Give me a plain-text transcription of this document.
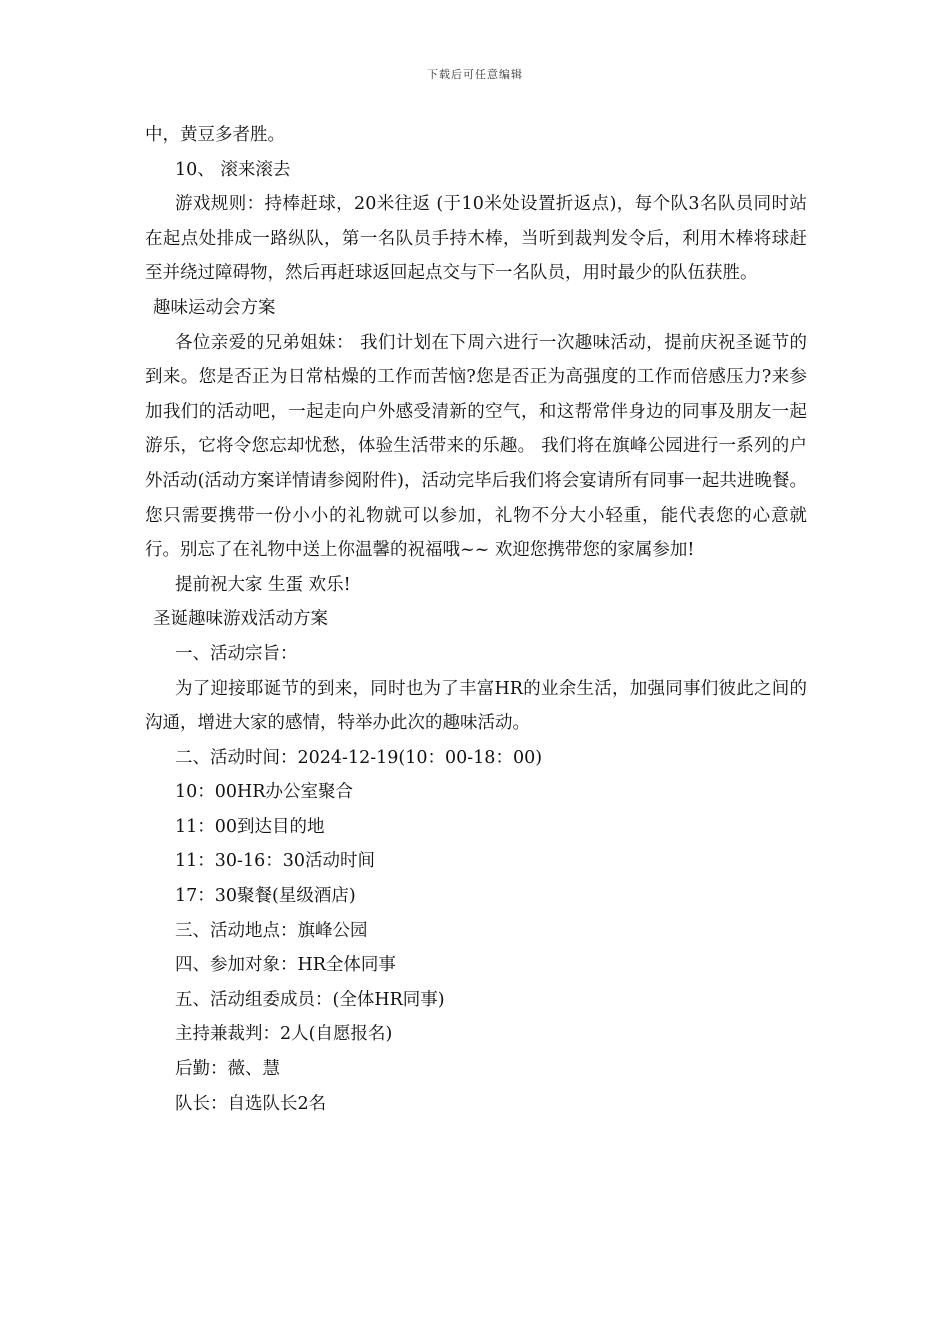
下载后可任意编辑

中，黄豆多者胜。

10、 滚来滚去

游戏规则：持棒赶球，20米往返 (于10米处设置折返点)，每个队3名队员同时站在起点处排成一路纵队，第一名队员手持木棒，当听到裁判发令后，利用木棒将球赶至并绕过障碍物，然后再赶球返回起点交与下一名队员，用时最少的队伍获胜。

趣味运动会方案

各位亲爱的兄弟姐妹： 我们计划在下周六进行一次趣味活动，提前庆祝圣诞节的到来。您是否正为日常枯燥的工作而苦恼?您是否正为高强度的工作而倍感压力?来参加我们的活动吧，一起走向户外感受清新的空气，和这帮常伴身边的同事及朋友一起游乐，它将令您忘却忧愁，体验生活带来的乐趣。 我们将在旗峰公园进行一系列的户外活动(活动方案详情请参阅附件)，活动完毕后我们将会宴请所有同事一起共进晚餐。您只需要携带一份小小的礼物就可以参加，礼物不分大小轻重，能代表您的心意就行。别忘了在礼物中送上你温馨的祝福哦~~ 欢迎您携带您的家属参加!

提前祝大家 生蛋 欢乐!

圣诞趣味游戏活动方案

一、活动宗旨：

为了迎接耶诞节的到来，同时也为了丰富HR的业余生活，加强同事们彼此之间的沟通，增进大家的感情，特举办此次的趣味活动。

二、活动时间：2024-12-19(10：00-18：00)

10：00HR办公室聚合

11：00到达目的地

11：30-16：30活动时间

17：30聚餐(星级酒店)

三、活动地点：旗峰公园

四、参加对象：HR全体同事

五、活动组委成员：(全体HR同事)

主持兼裁判：2人(自愿报名)

后勤：薇、慧

队长：自选队长2名
